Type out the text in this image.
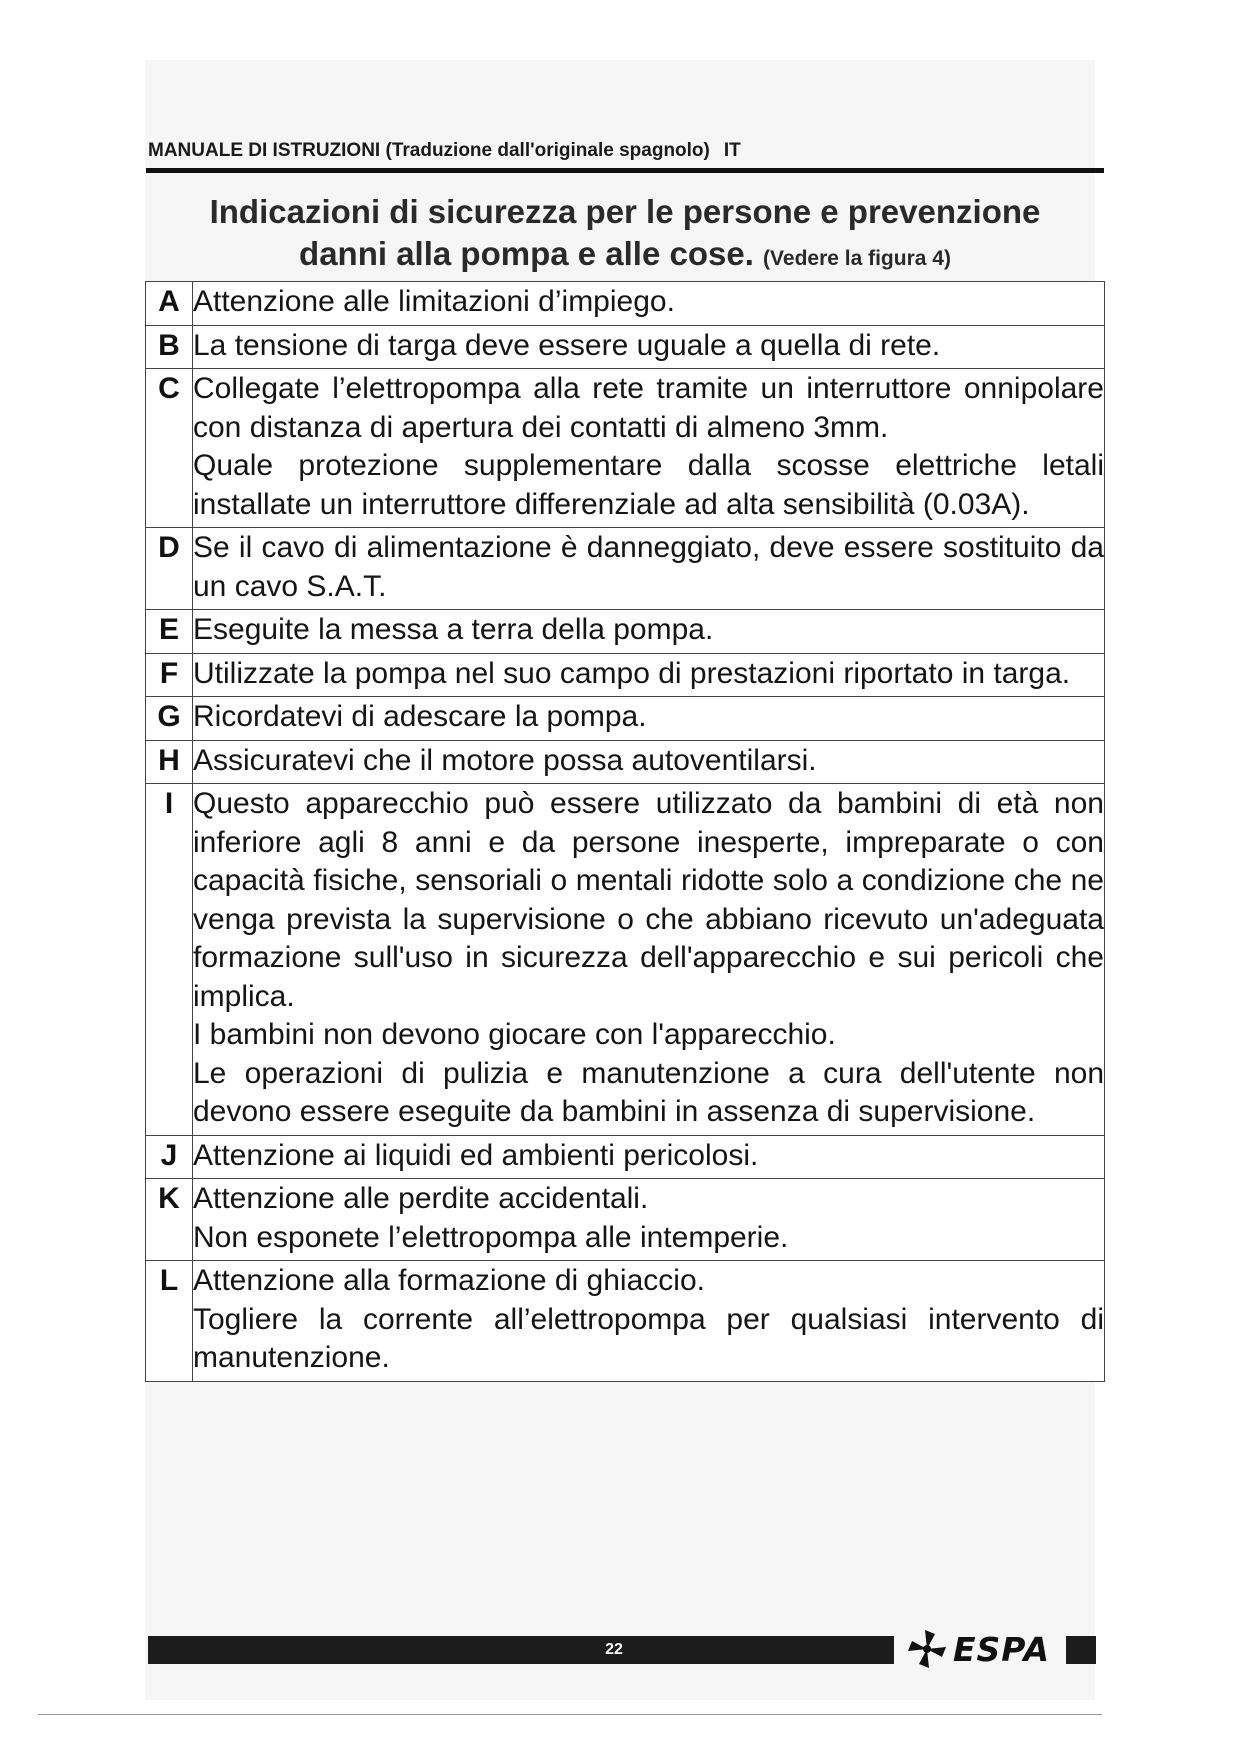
MANUALE DI ISTRUZIONI (Traduzione dall'originale spagnolo) IT
Indicazioni di sicurezza per le persone e prevenzione
danni alla pompa e alle cose. (Vedere la figura 4)
A	Attenzione alle limitazioni d’impiego.

B	La tensione di targa deve essere uguale a quella di rete.

C	Collegate l’elettropompa alla rete tramite un interruttore onnipolare con distanza di apertura dei contatti di almeno 3mm.

Quale protezione supplementare dalla scosse elettriche letali installate un interruttore differenziale ad alta sensibilità (0.03A).

D	Se il cavo di alimentazione è danneggiato, deve essere sostituito da un cavo S.A.T.

E	Eseguite la messa a terra della pompa.

F	Utilizzate la pompa nel suo campo di prestazioni riportato in targa.

G	Ricordatevi di adescare la pompa.

H	Assicuratevi che il motore possa autoventilarsi.

I	Questo apparecchio può essere utilizzato da bambini di età non inferiore agli 8 anni e da persone inesperte, impreparate o con capacità fisiche, sensoriali o mentali ridotte solo a condizione che ne venga prevista la supervisione o che abbiano ricevuto un'adeguata formazione sull'uso in sicurezza dell'apparecchio e sui pericoli che implica.

I bambini non devono giocare con l'apparecchio.

Le operazioni di pulizia e manutenzione a cura dell'utente non devono essere eseguite da bambini in assenza di supervisione.

J	Attenzione ai liquidi ed ambienti pericolosi.

K	Attenzione alle perdite accidentali.

Non esponete l’elettropompa alle intemperie.

L	Attenzione alla formazione di ghiaccio.

Togliere la corrente all’elettropompa per qualsiasi intervento di manutenzione.

22	ESPA
